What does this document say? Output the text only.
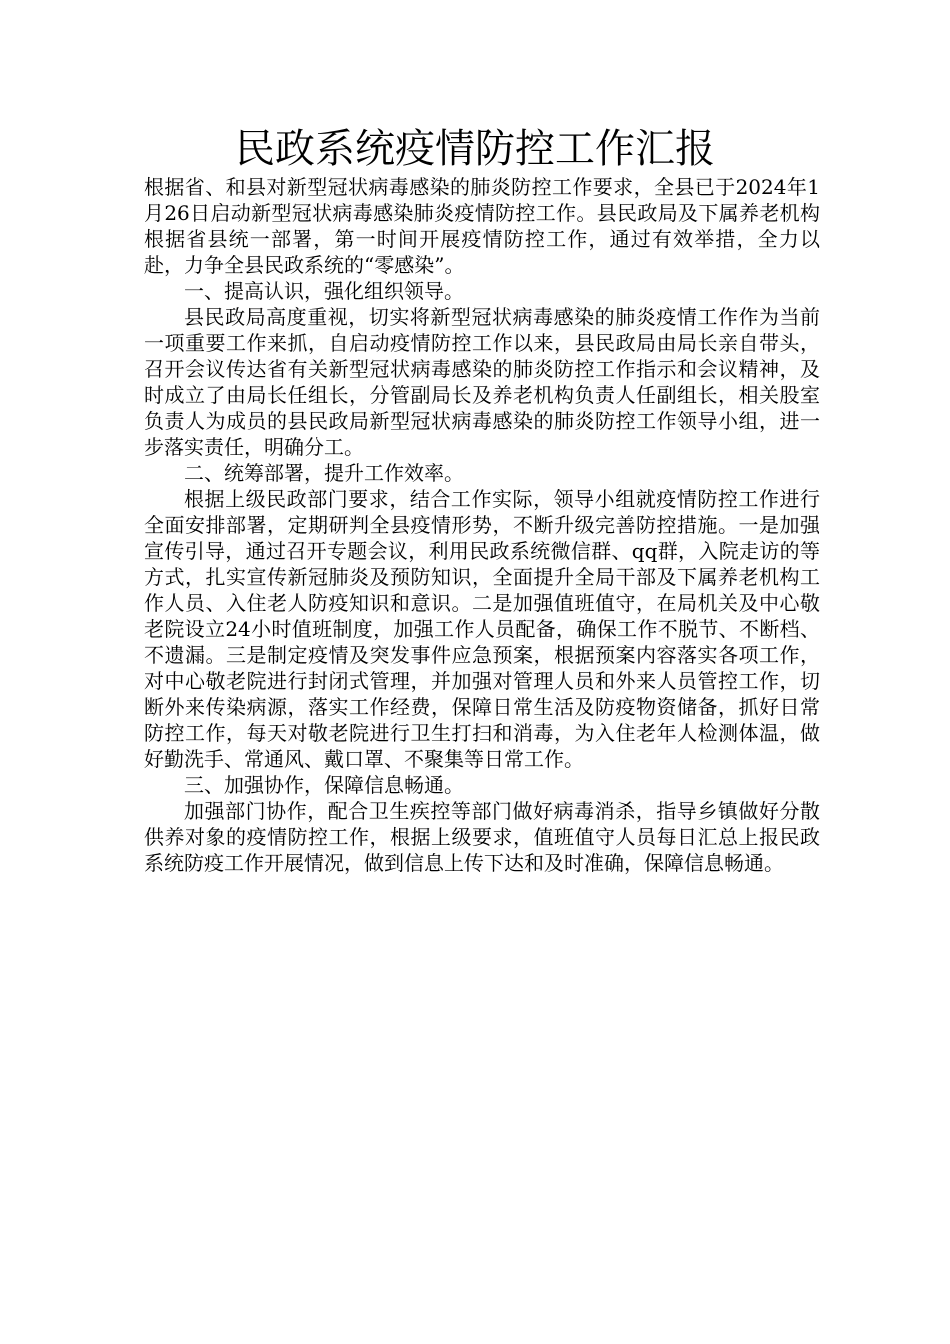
民政系统疫情防控工作汇报

根据省、和县对新型冠状病毒感染的肺炎防控工作要求，全县已于2024年1月26日启动新型冠状病毒感染肺炎疫情防控工作。县民政局及下属养老机构根据省县统一部署，第一时间开展疫情防控工作，通过有效举措，全力以赴，力争全县民政系统的“零感染”。

一、提高认识，强化组织领导。

县民政局高度重视，切实将新型冠状病毒感染的肺炎疫情工作作为当前一项重要工作来抓，自启动疫情防控工作以来，县民政局由局长亲自带头，召开会议传达省有关新型冠状病毒感染的肺炎防控工作指示和会议精神，及时成立了由局长任组长，分管副局长及养老机构负责人任副组长，相关股室负责人为成员的县民政局新型冠状病毒感染的肺炎防控工作领导小组，进一步落实责任，明确分工。

二、统筹部署，提升工作效率。

根据上级民政部门要求，结合工作实际，领导小组就疫情防控工作进行全面安排部署，定期研判全县疫情形势，不断升级完善防控措施。一是加强宣传引导，通过召开专题会议，利用民政系统微信群、qq群，入院走访的等方式，扎实宣传新冠肺炎及预防知识，全面提升全局干部及下属养老机构工作人员、入住老人防疫知识和意识。二是加强值班值守，在局机关及中心敬老院设立24小时值班制度，加强工作人员配备，确保工作不脱节、不断档、不遗漏。三是制定疫情及突发事件应急预案，根据预案内容落实各项工作，对中心敬老院进行封闭式管理，并加强对管理人员和外来人员管控工作，切断外来传染病源，落实工作经费，保障日常生活及防疫物资储备，抓好日常防控工作，每天对敬老院进行卫生打扫和消毒，为入住老年人检测体温，做好勤洗手、常通风、戴口罩、不聚集等日常工作。

三、加强协作，保障信息畅通。

加强部门协作，配合卫生疾控等部门做好病毒消杀，指导乡镇做好分散供养对象的疫情防控工作，根据上级要求，值班值守人员每日汇总上报民政系统防疫工作开展情况，做到信息上传下达和及时准确，保障信息畅通。
